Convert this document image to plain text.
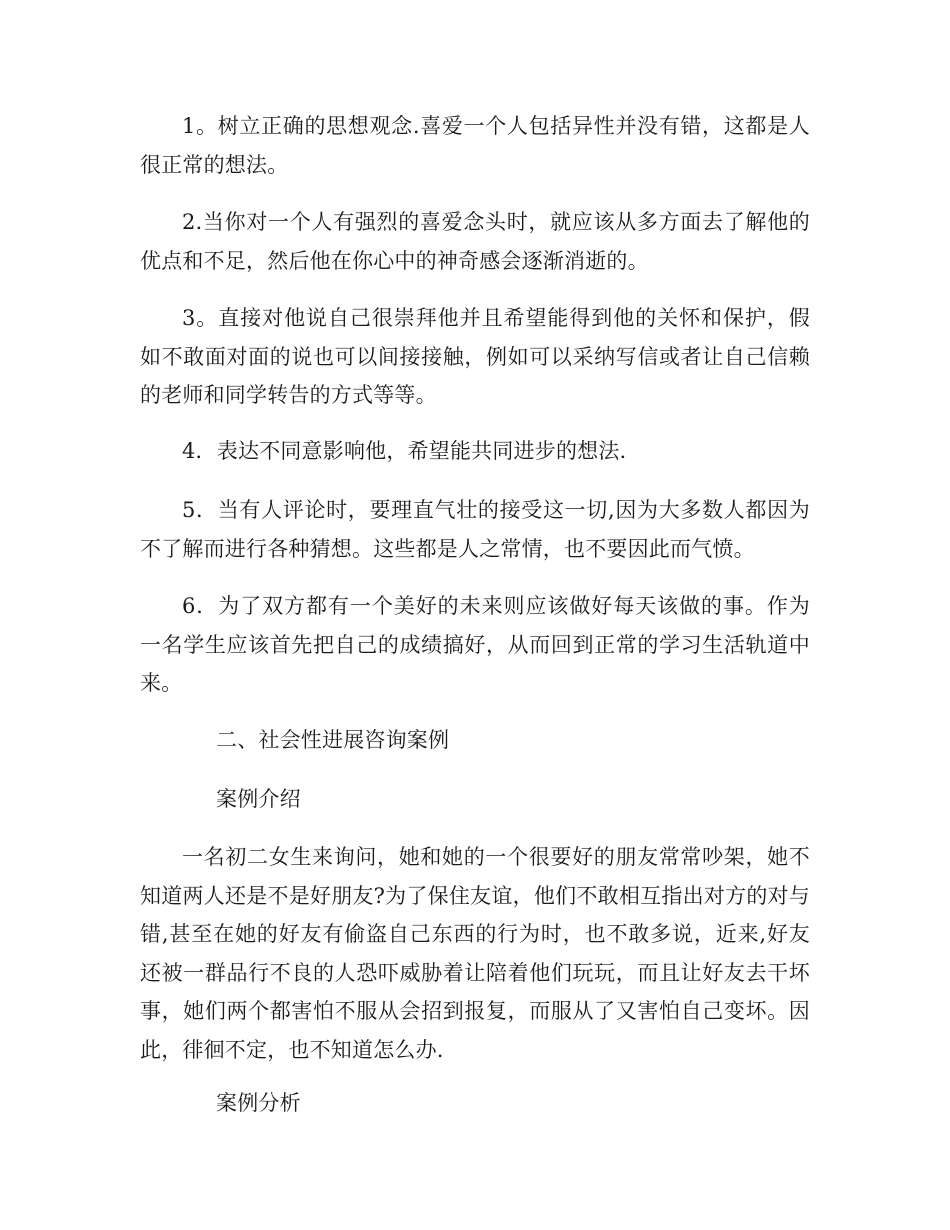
1。树立正确的思想观念.喜爱一个人包括异性并没有错，这都是人很正常的想法。

2.当你对一个人有强烈的喜爱念头时，就应该从多方面去了解他的优点和不足，然后他在你心中的神奇感会逐渐消逝的。

3。直接对他说自己很崇拜他并且希望能得到他的关怀和保护，假如不敢面对面的说也可以间接接触，例如可以采纳写信或者让自己信赖的老师和同学转告的方式等等。

4．表达不同意影响他，希望能共同进步的想法.

5．当有人评论时，要理直气壮的接受这一切,因为大多数人都因为不了解而进行各种猜想。这些都是人之常情，也不要因此而气愤。

6．为了双方都有一个美好的未来则应该做好每天该做的事。作为一名学生应该首先把自己的成绩搞好，从而回到正常的学习生活轨道中来。

二、社会性进展咨询案例

案例介绍

一名初二女生来询问，她和她的一个很要好的朋友常常吵架，她不知道两人还是不是好朋友?为了保住友谊，他们不敢相互指出对方的对与错,甚至在她的好友有偷盗自己东西的行为时，也不敢多说，近来,好友还被一群品行不良的人恐吓威胁着让陪着他们玩玩，而且让好友去干坏事，她们两个都害怕不服从会招到报复，而服从了又害怕自己变坏。因此，徘徊不定，也不知道怎么办.

案例分析
